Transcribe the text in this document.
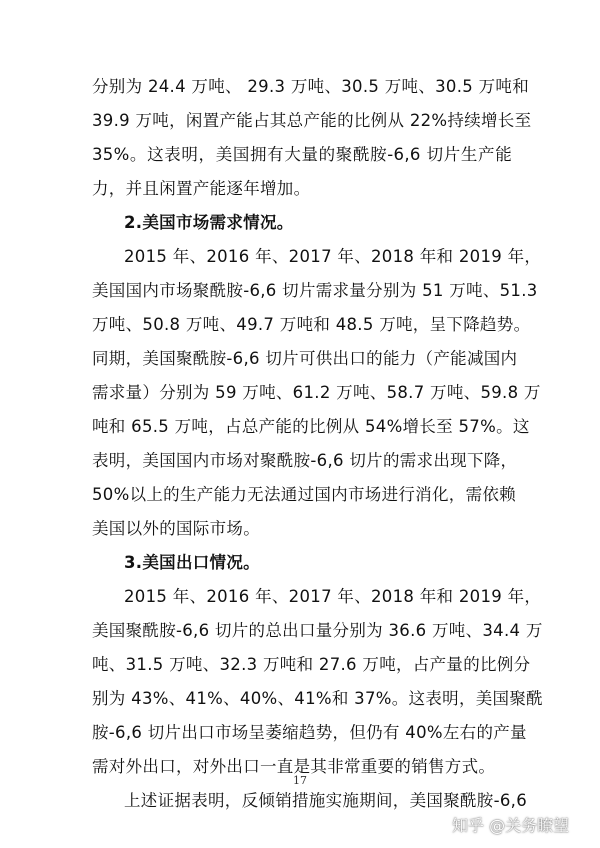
分别为 24.4 万吨、 29.3 万吨、30.5 万吨、30.5 万吨和
39.9 万吨，闲置产能占其总产能的比例从 22%持续增长至
35%。这表明，美国拥有大量的聚酰胺-6,6 切片生产能
力，并且闲置产能逐年增加。
2.美国市场需求情况。
2015 年、2016 年、2017 年、2018 年和 2019 年，
美国国内市场聚酰胺-6,6 切片需求量分别为 51 万吨、51.3
万吨、50.8 万吨、49.7 万吨和 48.5 万吨，呈下降趋势。
同期，美国聚酰胺-6,6 切片可供出口的能力（产能减国内
需求量）分别为 59 万吨、61.2 万吨、58.7 万吨、59.8 万
吨和 65.5 万吨，占总产能的比例从 54%增长至 57%。这
表明，美国国内市场对聚酰胺-6,6 切片的需求出现下降，
50%以上的生产能力无法通过国内市场进行消化，需依赖
美国以外的国际市场。
3.美国出口情况。
2015 年、2016 年、2017 年、2018 年和 2019 年，
美国聚酰胺-6,6 切片的总出口量分别为 36.6 万吨、34.4 万
吨、31.5 万吨、32.3 万吨和 27.6 万吨，占产量的比例分
别为 43%、41%、40%、41%和 37%。这表明，美国聚酰
胺-6,6 切片出口市场呈萎缩趋势，但仍有 40%左右的产量
需对外出口，对外出口一直是其非常重要的销售方式。
上述证据表明，反倾销措施实施期间，美国聚酰胺-6,6
17
知乎 @关务瞭望
